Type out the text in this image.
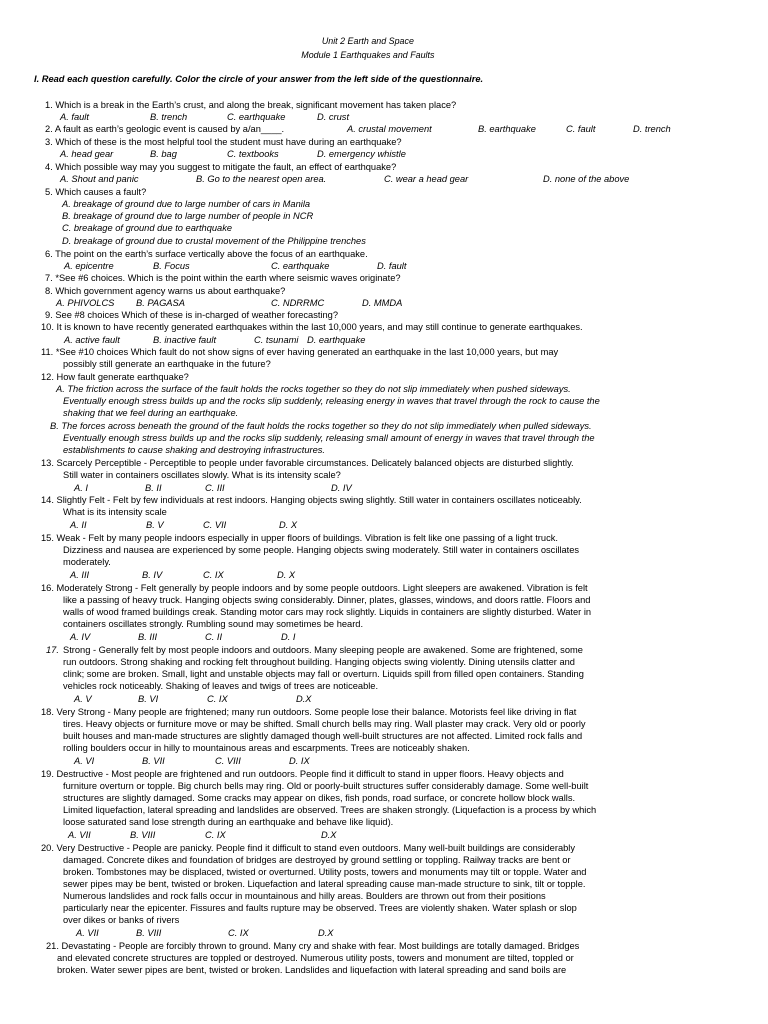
Unit 2 Earth and Space
Module 1 Earthquakes and Faults
I. Read each question carefully. Color the circle of your answer from the left side of the questionnaire.
1. Which is a break in the Earth’s crust, and along the break, significant movement has taken place?
A. fault	B. trench	C. earthquake	D. crust
2. A fault as earth’s geologic event is caused by a/an____.	A. crustal movement	B. earthquake	C. fault	D. trench
3. Which of these is the most helpful tool the student must have during an earthquake?
A. head gear	B. bag	C. textbooks	D. emergency whistle
4. Which possible way may you suggest to mitigate the fault, an effect of earthquake?
A. Shout and panic	B. Go to the nearest open area.	C. wear a head gear	D. none of the above
5. Which causes a fault?
A. breakage of ground due to large number of cars in Manila
B. breakage of ground due to large number of people in NCR
C. breakage of ground due to earthquake
D. breakage of ground due to crustal movement of the Philippine trenches
6. The point on the earth’s surface vertically above the focus of an earthquake.
A. epicentre	B. Focus	C. earthquake	D. fault
7. *See #6 choices. Which is the point within the earth where seismic waves originate?
8. Which government agency warns us about earthquake?
A. PHIVOLCS B. PAGASA	C. NDRRMC	D. MMDA
9. See #8 choices Which of these is in-charged of weather forecasting?
10. It is known to have recently generated earthquakes within the last 10,000 years, and may still continue to generate earthquakes.
A. active fault	B. inactive fault	C. tsunami D. earthquake
11. *See #10 choices Which fault do not show signs of ever having generated an earthquake in the last 10,000 years, but may
possibly still generate an earthquake in the future?
12. How fault generate earthquake?
A. The friction across the surface of the fault holds the rocks together so they do not slip immediately when pushed sideways.
Eventually enough stress builds up and the rocks slip suddenly, releasing energy in waves that travel through the rock to cause the
shaking that we feel during an earthquake.
B. The forces across beneath the ground of the fault holds the rocks together so they do not slip immediately when pulled sideways.
Eventually enough stress builds up and the rocks slip suddenly, releasing small amount of energy in waves that travel through the
establishments to cause shaking and destroying infrastructures.
13. Scarcely Perceptible - Perceptible to people under favorable circumstances. Delicately balanced objects are disturbed slightly.
Still water in containers oscillates slowly. What is its intensity scale?
A. I	B. II	C. III	D. IV
14. Slightly Felt - Felt by few individuals at rest indoors. Hanging objects swing slightly. Still water in containers oscillates noticeably.
What is its intensity scale
A. II	B. V	C. VII	D. X
15. Weak - Felt by many people indoors especially in upper floors of buildings. Vibration is felt like one passing of a light truck.
Dizziness and nausea are experienced by some people. Hanging objects swing moderately. Still water in containers oscillates
moderately.
A. III	B. IV	C. IX	D. X
16. Moderately Strong - Felt generally by people indoors and by some people outdoors. Light sleepers are awakened. Vibration is felt
like a passing of heavy truck. Hanging objects swing considerably. Dinner, plates, glasses, windows, and doors rattle. Floors and
walls of wood framed buildings creak. Standing motor cars may rock slightly. Liquids in containers are slightly disturbed. Water in
containers oscillates strongly. Rumbling sound may sometimes be heard.
A. IV	B. III	C. II	D. I
17. Strong - Generally felt by most people indoors and outdoors. Many sleeping people are awakened. Some are frightened, some
run outdoors. Strong shaking and rocking felt throughout building. Hanging objects swing violently. Dining utensils clatter and
clink; some are broken. Small, light and unstable objects may fall or overturn. Liquids spill from filled open containers. Standing
vehicles rock noticeably. Shaking of leaves and twigs of trees are noticeable.
A. V	B. VI	C. IX	D.X
18. Very Strong - Many people are frightened; many run outdoors. Some people lose their balance. Motorists feel like driving in flat
tires. Heavy objects or furniture move or may be shifted. Small church bells may ring. Wall plaster may crack. Very old or poorly
built houses and man-made structures are slightly damaged though well-built structures are not affected. Limited rock falls and
rolling boulders occur in hilly to mountainous areas and escarpments. Trees are noticeably shaken.
A. VI	B. VII	C. VIII	D. IX
19. Destructive - Most people are frightened and run outdoors. People find it difficult to stand in upper floors. Heavy objects and
furniture overturn or topple. Big church bells may ring. Old or poorly-built structures suffer considerably damage. Some well-built
structures are slightly damaged. Some cracks may appear on dikes, fish ponds, road surface, or concrete hollow block walls.
Limited liquefaction, lateral spreading and landslides are observed. Trees are shaken strongly. (Liquefaction is a process by which
loose saturated sand lose strength during an earthquake and behave like liquid).
A. VII	B. VIII	C. IX	D.X
20. Very Destructive - People are panicky. People find it difficult to stand even outdoors. Many well-built buildings are considerably
damaged. Concrete dikes and foundation of bridges are destroyed by ground settling or toppling. Railway tracks are bent or
broken. Tombstones may be displaced, twisted or overturned. Utility posts, towers and monuments may tilt or topple. Water and
sewer pipes may be bent, twisted or broken. Liquefaction and lateral spreading cause man-made structure to sink, tilt or topple.
Numerous landslides and rock falls occur in mountainous and hilly areas. Boulders are thrown out from their positions
particularly near the epicenter. Fissures and faults rupture may be observed. Trees are violently shaken. Water splash or slop
over dikes or banks of rivers
A. VII	B. VIII	C. IX	D.X
21. Devastating - People are forcibly thrown to ground. Many cry and shake with fear. Most buildings are totally damaged. Bridges
and elevated concrete structures are toppled or destroyed. Numerous utility posts, towers and monument are tilted, toppled or
broken. Water sewer pipes are bent, twisted or broken. Landslides and liquefaction with lateral spreading and sand boils are
